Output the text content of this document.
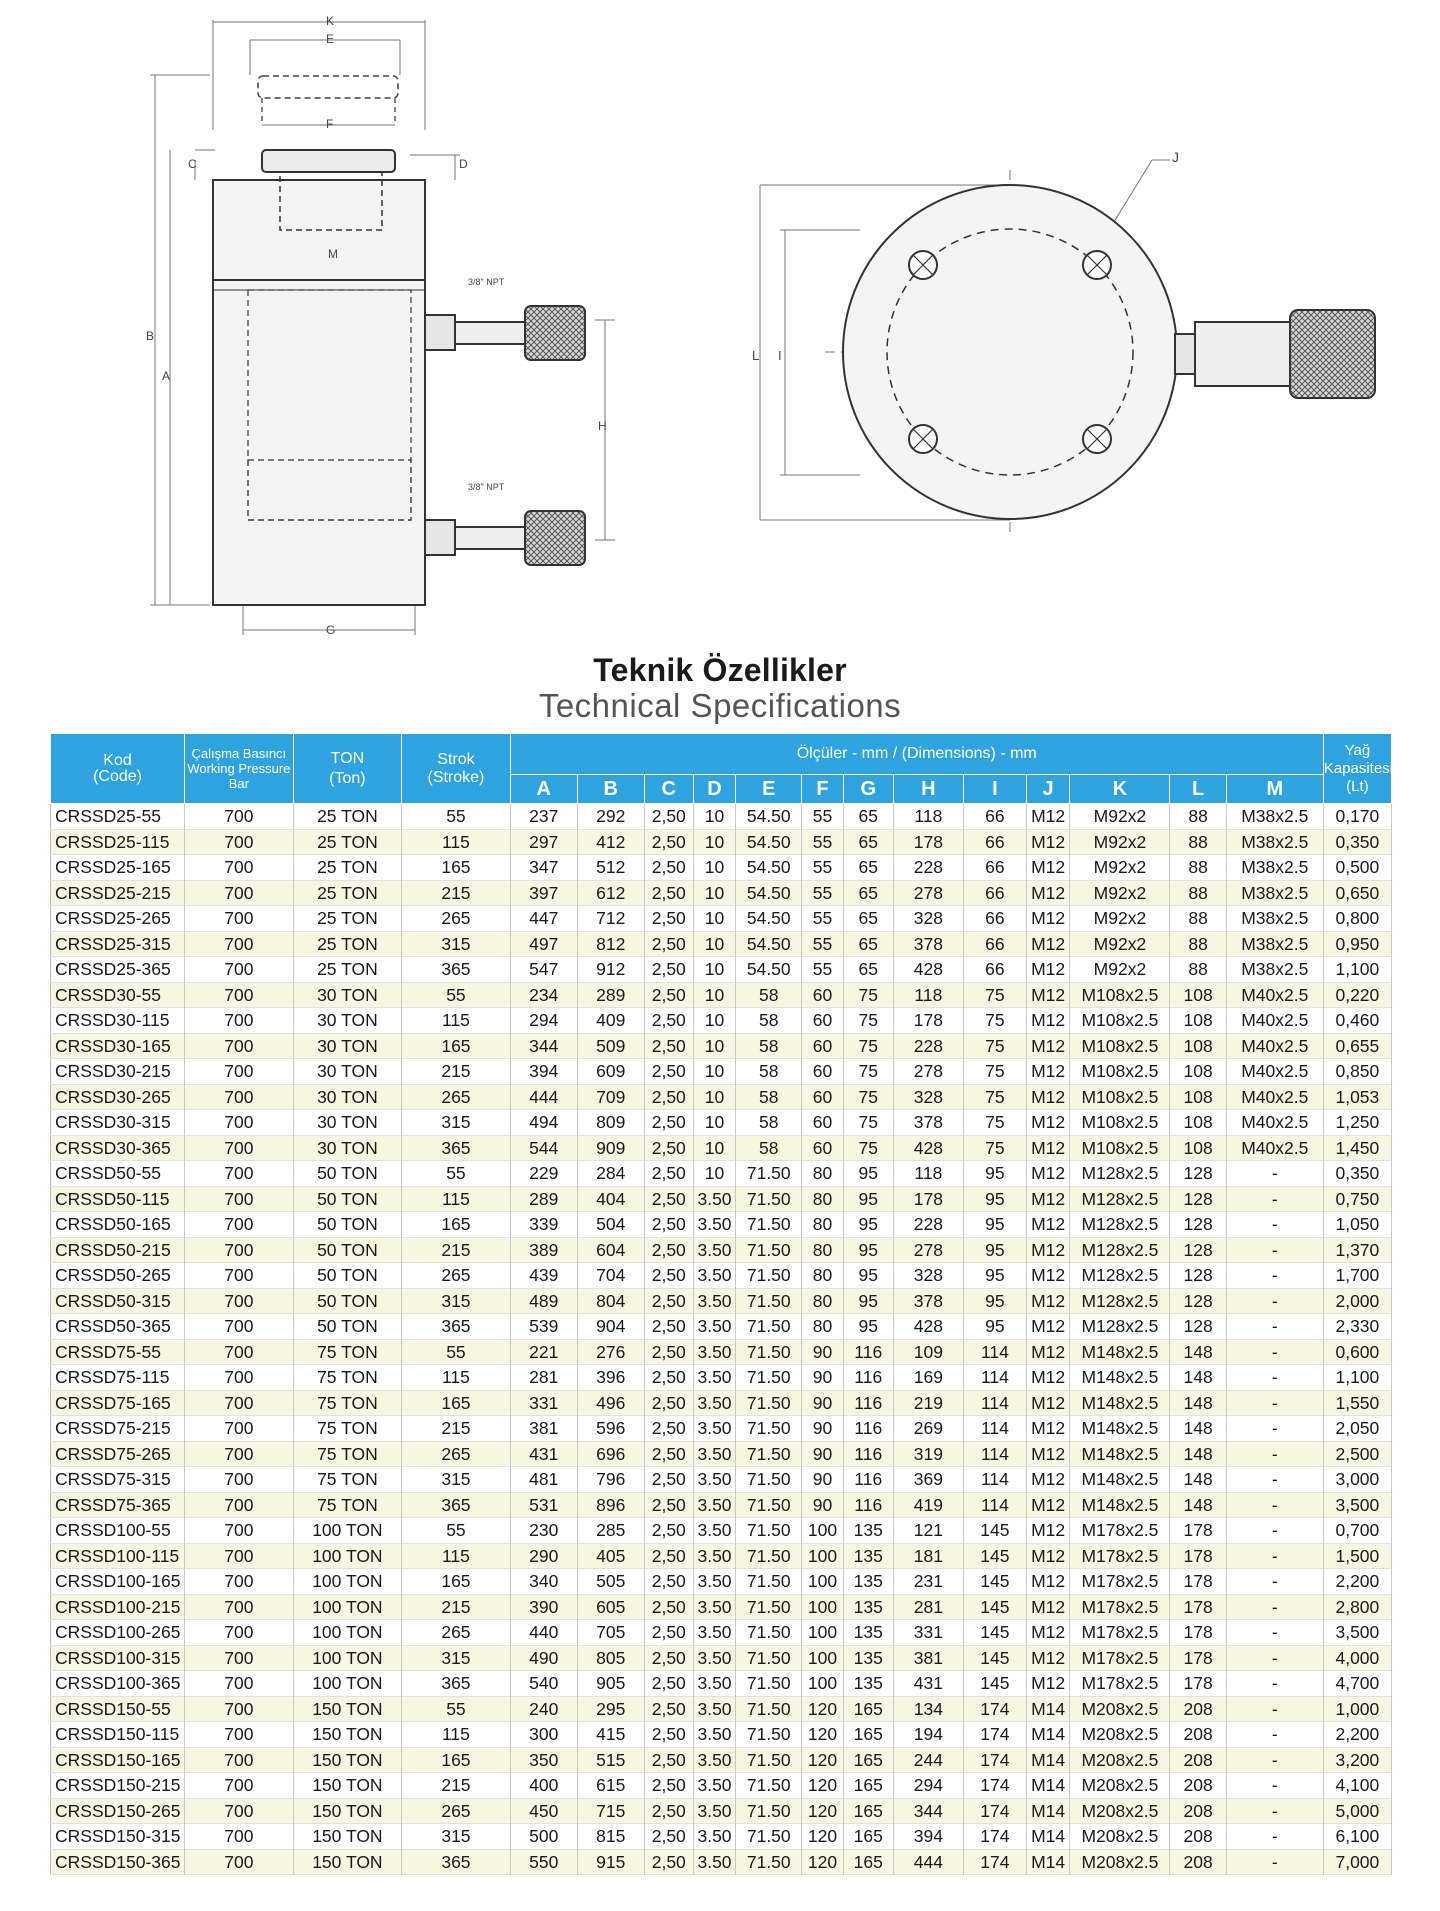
K
E
F
C	D
M
B
A
H
G
3/8" NPT
3/8" NPT
J
L I
Teknik Özellikler
Technical Specifications
Kod
(Code)	Çalışma Basıncı
Working Pressure
Bar	TON
(Ton)	Strok
(Stroke)	Ölçüler - mm / (Dimensions) - mm													Yağ
Kapasitesi
(Lt)
				A	B	C	D	E	F	G	H	I	J	K	L	M	
CRSSD25-55	700	25 TON	55	237	292	2,50	10	54.50	55	65	118	66	M12	M92x2	88	M38x2.5	0,170
CRSSD25-115	700	25 TON	115	297	412	2,50	10	54.50	55	65	178	66	M12	M92x2	88	M38x2.5	0,350
CRSSD25-165	700	25 TON	165	347	512	2,50	10	54.50	55	65	228	66	M12	M92x2	88	M38x2.5	0,500
CRSSD25-215	700	25 TON	215	397	612	2,50	10	54.50	55	65	278	66	M12	M92x2	88	M38x2.5	0,650
CRSSD25-265	700	25 TON	265	447	712	2,50	10	54.50	55	65	328	66	M12	M92x2	88	M38x2.5	0,800
CRSSD25-315	700	25 TON	315	497	812	2,50	10	54.50	55	65	378	66	M12	M92x2	88	M38x2.5	0,950
CRSSD25-365	700	25 TON	365	547	912	2,50	10	54.50	55	65	428	66	M12	M92x2	88	M38x2.5	1,100
CRSSD30-55	700	30 TON	55	234	289	2,50	10	58	60	75	118	75	M12	M108x2.5	108	M40x2.5	0,220
CRSSD30-115	700	30 TON	115	294	409	2,50	10	58	60	75	178	75	M12	M108x2.5	108	M40x2.5	0,460
CRSSD30-165	700	30 TON	165	344	509	2,50	10	58	60	75	228	75	M12	M108x2.5	108	M40x2.5	0,655
CRSSD30-215	700	30 TON	215	394	609	2,50	10	58	60	75	278	75	M12	M108x2.5	108	M40x2.5	0,850
CRSSD30-265	700	30 TON	265	444	709	2,50	10	58	60	75	328	75	M12	M108x2.5	108	M40x2.5	1,053
CRSSD30-315	700	30 TON	315	494	809	2,50	10	58	60	75	378	75	M12	M108x2.5	108	M40x2.5	1,250
CRSSD30-365	700	30 TON	365	544	909	2,50	10	58	60	75	428	75	M12	M108x2.5	108	M40x2.5	1,450
CRSSD50-55	700	50 TON	55	229	284	2,50	10	71.50	80	95	118	95	M12	M128x2.5	128	-	0,350
CRSSD50-115	700	50 TON	115	289	404	2,50	3.50	71.50	80	95	178	95	M12	M128x2.5	128	-	0,750
CRSSD50-165	700	50 TON	165	339	504	2,50	3.50	71.50	80	95	228	95	M12	M128x2.5	128	-	1,050
CRSSD50-215	700	50 TON	215	389	604	2,50	3.50	71.50	80	95	278	95	M12	M128x2.5	128	-	1,370
CRSSD50-265	700	50 TON	265	439	704	2,50	3.50	71.50	80	95	328	95	M12	M128x2.5	128	-	1,700
CRSSD50-315	700	50 TON	315	489	804	2,50	3.50	71.50	80	95	378	95	M12	M128x2.5	128	-	2,000
CRSSD50-365	700	50 TON	365	539	904	2,50	3.50	71.50	80	95	428	95	M12	M128x2.5	128	-	2,330
CRSSD75-55	700	75 TON	55	221	276	2,50	3.50	71.50	90	116	109	114	M12	M148x2.5	148	-	0,600
CRSSD75-115	700	75 TON	115	281	396	2,50	3.50	71.50	90	116	169	114	M12	M148x2.5	148	-	1,100
CRSSD75-165	700	75 TON	165	331	496	2,50	3.50	71.50	90	116	219	114	M12	M148x2.5	148	-	1,550
CRSSD75-215	700	75 TON	215	381	596	2,50	3.50	71.50	90	116	269	114	M12	M148x2.5	148	-	2,050
CRSSD75-265	700	75 TON	265	431	696	2,50	3.50	71.50	90	116	319	114	M12	M148x2.5	148	-	2,500
CRSSD75-315	700	75 TON	315	481	796	2,50	3.50	71.50	90	116	369	114	M12	M148x2.5	148	-	3,000
CRSSD75-365	700	75 TON	365	531	896	2,50	3.50	71.50	90	116	419	114	M12	M148x2.5	148	-	3,500
CRSSD100-55	700	100 TON	55	230	285	2,50	3.50	71.50	100	135	121	145	M12	M178x2.5	178	-	0,700
CRSSD100-115	700	100 TON	115	290	405	2,50	3.50	71.50	100	135	181	145	M12	M178x2.5	178	-	1,500
CRSSD100-165	700	100 TON	165	340	505	2,50	3.50	71.50	100	135	231	145	M12	M178x2.5	178	-	2,200
CRSSD100-215	700	100 TON	215	390	605	2,50	3.50	71.50	100	135	281	145	M12	M178x2.5	178	-	2,800
CRSSD100-265	700	100 TON	265	440	705	2,50	3.50	71.50	100	135	331	145	M12	M178x2.5	178	-	3,500
CRSSD100-315	700	100 TON	315	490	805	2,50	3.50	71.50	100	135	381	145	M12	M178x2.5	178	-	4,000
CRSSD100-365	700	100 TON	365	540	905	2,50	3.50	71.50	100	135	431	145	M12	M178x2.5	178	-	4,700
CRSSD150-55	700	150 TON	55	240	295	2,50	3.50	71.50	120	165	134	174	M14	M208x2.5	208	-	1,000
CRSSD150-115	700	150 TON	115	300	415	2,50	3.50	71.50	120	165	194	174	M14	M208x2.5	208	-	2,200
CRSSD150-165	700	150 TON	165	350	515	2,50	3.50	71.50	120	165	244	174	M14	M208x2.5	208	-	3,200
CRSSD150-215	700	150 TON	215	400	615	2,50	3.50	71.50	120	165	294	174	M14	M208x2.5	208	-	4,100
CRSSD150-265	700	150 TON	265	450	715	2,50	3.50	71.50	120	165	344	174	M14	M208x2.5	208	-	5,000
CRSSD150-315	700	150 TON	315	500	815	2,50	3.50	71.50	120	165	394	174	M14	M208x2.5	208	-	6,100
CRSSD150-365	700	150 TON	365	550	915	2,50	3.50	71.50	120	165	444	174	M14	M208x2.5	208	-	7,000
